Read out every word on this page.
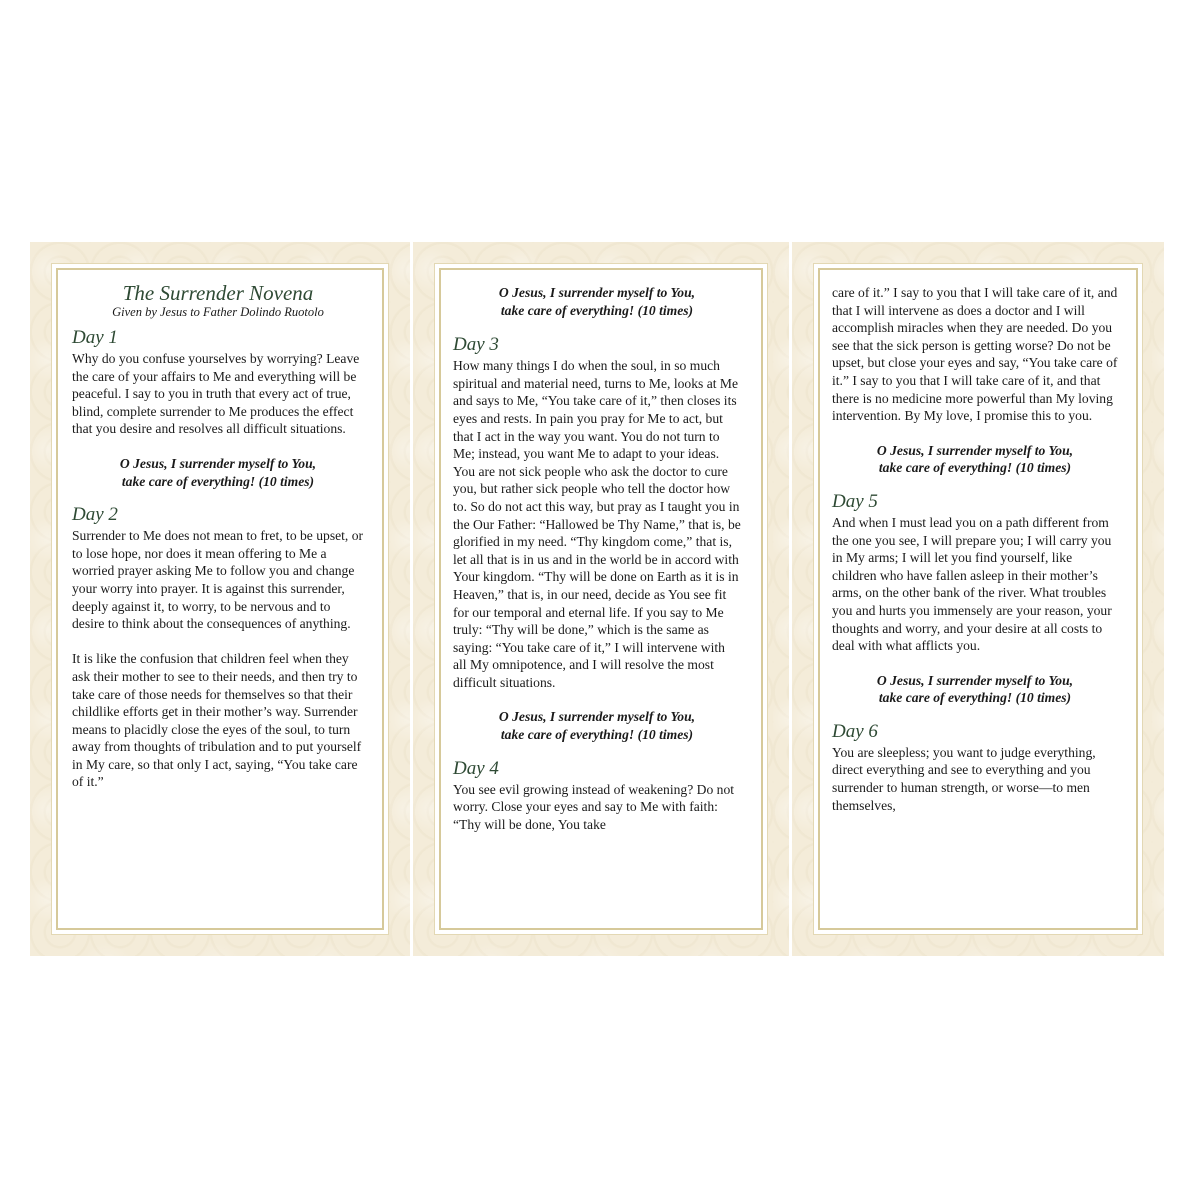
The Surrender Novena

Given by Jesus to Father Dolindo Ruotolo

Day 1

Why do you confuse yourselves by worrying? Leave the care of your affairs to Me and everything will be peaceful. I say to you in truth that every act of true, blind, complete surrender to Me produces the effect that you desire and resolves all difficult situations.

O Jesus, I surrender myself to You,
take care of everything! (10 times)

Day 2

Surrender to Me does not mean to fret, to be upset, or to lose hope, nor does it mean offering to Me a worried prayer asking Me to follow you and change your worry into prayer. It is against this surrender, deeply against it, to worry, to be nervous and to desire to think about the consequences of anything.

It is like the confusion that children feel when they ask their mother to see to their needs, and then try to take care of those needs for themselves so that their childlike efforts get in their mother’s way. Surrender means to placidly close the eyes of the soul, to turn away from thoughts of tribulation and to put yourself in My care, so that only I act, saying, “You take care of it.”

O Jesus, I surrender myself to You,
take care of everything! (10 times)

Day 3

How many things I do when the soul, in so much spiritual and material need, turns to Me, looks at Me and says to Me, “You take care of it,” then closes its eyes and rests. In pain you pray for Me to act, but that I act in the way you want. You do not turn to Me; instead, you want Me to adapt to your ideas. You are not sick people who ask the doctor to cure you, but rather sick people who tell the doctor how to. So do not act this way, but pray as I taught you in the Our Father: “Hallowed be Thy Name,” that is, be glorified in my need. “Thy kingdom come,” that is, let all that is in us and in the world be in accord with Your kingdom. “Thy will be done on Earth as it is in Heaven,” that is, in our need, decide as You see fit for our temporal and eternal life. If you say to Me truly: “Thy will be done,” which is the same as saying: “You take care of it,” I will intervene with all My omnipotence, and I will resolve the most difficult situations.

O Jesus, I surrender myself to You,
take care of everything! (10 times)

Day 4

You see evil growing instead of weakening? Do not worry. Close your eyes and say to Me with faith: “Thy will be done, You take

care of it.” I say to you that I will take care of it, and that I will intervene as does a doctor and I will accomplish miracles when they are needed. Do you see that the sick person is getting worse? Do not be upset, but close your eyes and say, “You take care of it.” I say to you that I will take care of it, and that there is no medicine more powerful than My loving intervention. By My love, I promise this to you.

O Jesus, I surrender myself to You,
take care of everything! (10 times)

Day 5

And when I must lead you on a path different from the one you see, I will prepare you; I will carry you in My arms; I will let you find yourself, like children who have fallen asleep in their mother’s arms, on the other bank of the river. What troubles you and hurts you immensely are your reason, your thoughts and worry, and your desire at all costs to deal with what afflicts you.

O Jesus, I surrender myself to You,
take care of everything! (10 times)

Day 6

You are sleepless; you want to judge everything, direct everything and see to everything and you surrender to human strength, or worse—to men themselves,
